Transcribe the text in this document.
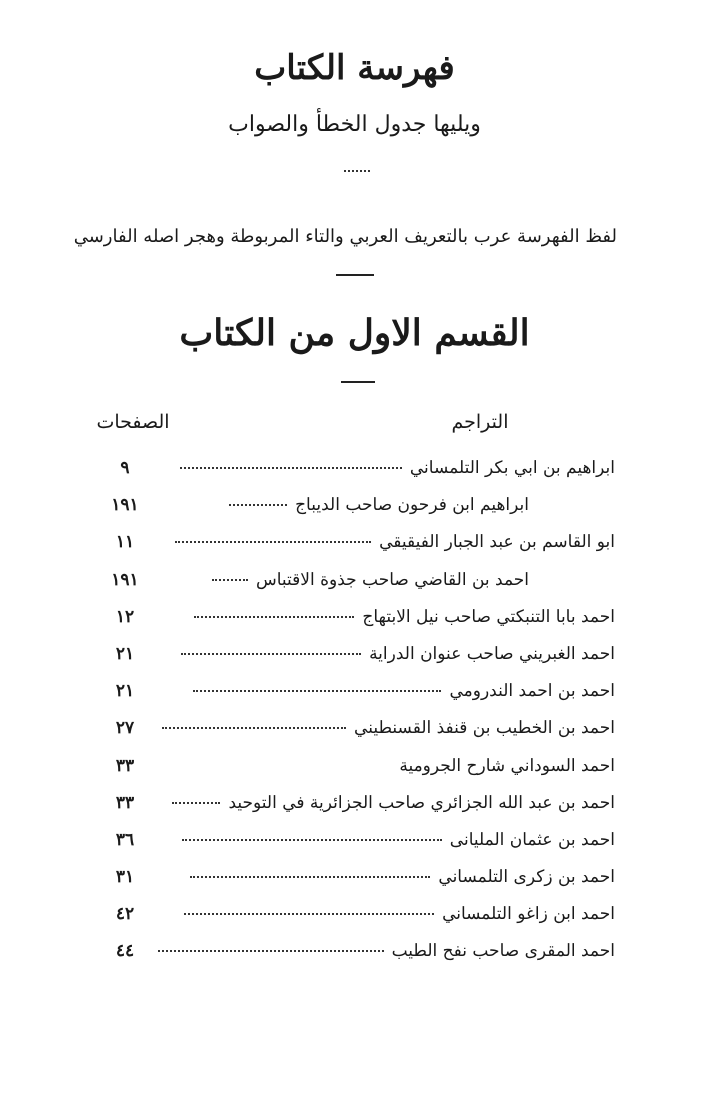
فهرسة الكتاب
ويليها جدول الخطأ والصواب
لفظ الفهرسة عرب بالتعريف العربي والتاء المربوطة وهجر اصله الفارسي
القسم الاول من الكتاب
التراجم
الصفحات
ابراهيم بن ابي بكر التلمساني
٩
ابراهيم ابن فرحون صاحب الديباج
١٩١
ابو القاسم بن عبد الجبار الفيقيقي
١١
احمد بن القاضي صاحب جذوة الاقتباس
١٩١
احمد بابا التنبكتي صاحب نيل الابتهاج
١٢
احمد الغبريني صاحب عنوان الدراية
٢١
احمد بن احمد الندرومي
٢١
احمد بن الخطيب بن قنفذ القسنطيني
٢٧
احمد السوداني شارح الجرومية
٣٣
احمد بن عبد الله الجزائري صاحب الجزائرية في التوحيد
٣٣
احمد بن عثمان المليانى
٣٦
احمد بن زكرى التلمساني
٣١
احمد ابن زاغو التلمساني
٤٢
احمد المقرى صاحب نفح الطيب
٤٤
